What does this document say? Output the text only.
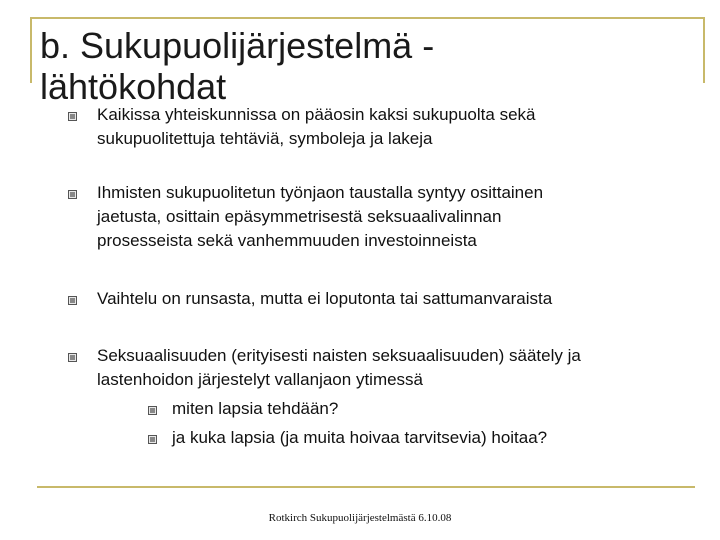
b. Sukupuolijärjestelmä -
lähtökohdat
Kaikissa yhteiskunnissa on pääosin kaksi sukupuolta sekä
sukupuolitettuja tehtäviä, symboleja ja lakeja
Ihmisten sukupuolitetun työnjaon taustalla syntyy osittainen
jaetusta, osittain epäsymmetrisestä seksuaalivalinnan
prosesseista sekä vanhemmuuden investoinneista
Vaihtelu on runsasta, mutta ei loputonta tai sattumanvaraista
Seksuaalisuuden (erityisesti naisten seksuaalisuuden) säätely ja
lastenhoidon järjestelyt vallanjaon ytimessä
miten lapsia tehdään?
ja kuka lapsia (ja muita hoivaa tarvitsevia) hoitaa?
Rotkirch Sukupuolijärjestelmästä 6.10.08
